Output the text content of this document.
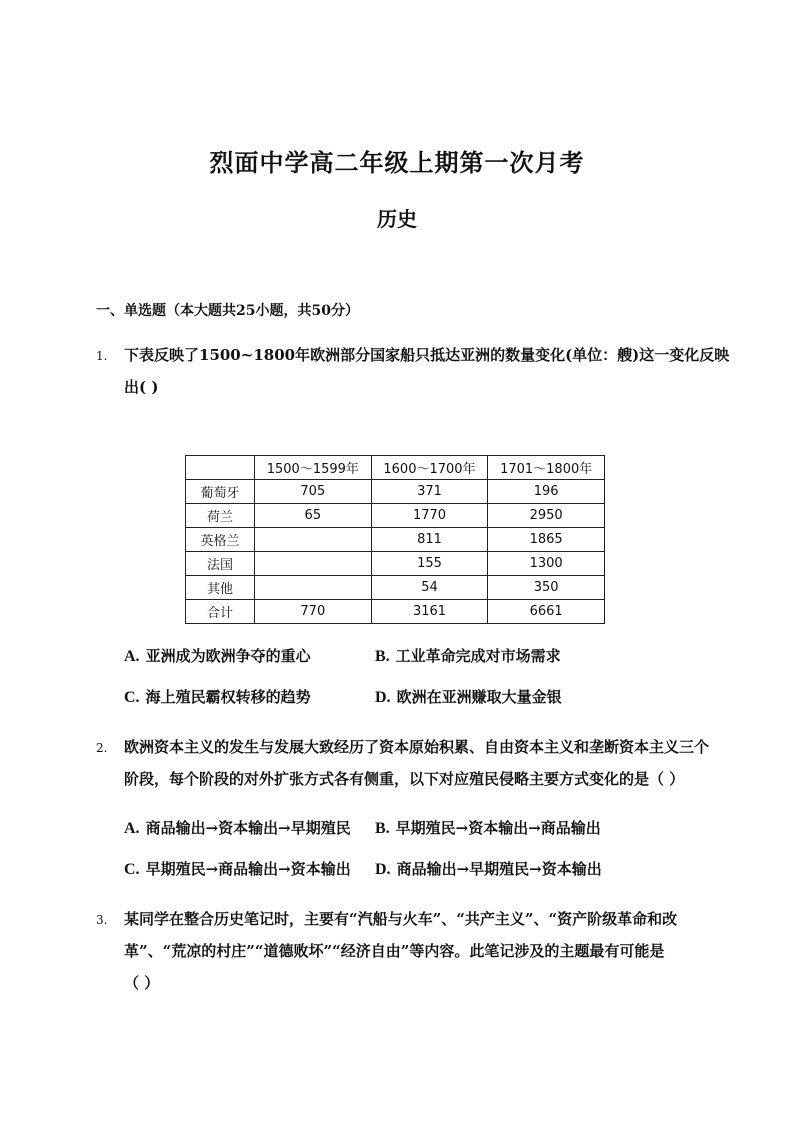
烈面中学高二年级上期第一次月考
历史
一、单选题（本大题共25小题，共50分）
1. 下表反映了1500~1800年欧洲部分国家船只抵达亚洲的数量变化(单位：艘)这一变化反映
出( )
	1500～1599年	1600～1700年	1701～1800年
葡萄牙	705	371	196
荷兰	65	1770	2950
英格兰		811	1865
法国		155	1300
其他		54	350
合计	770	3161	6661
A. 亚洲成为欧洲争夺的重心	B. 工业革命完成对市场需求
C. 海上殖民霸权转移的趋势	D. 欧洲在亚洲赚取大量金银
2. 欧洲资本主义的发生与发展大致经历了资本原始积累、自由资本主义和垄断资本主义三个
阶段，每个阶段的对外扩张方式各有侧重，以下对应殖民侵略主要方式变化的是（ ）
A. 商品输出→资本输出→早期殖民 B. 早期殖民→资本输出→商品输出
C. 早期殖民→商品输出→资本输出 D. 商品输出→早期殖民→资本输出
3. 某同学在整合历史笔记时，主要有“汽船与火车”、“共产主义”、“资产阶级革命和改
革”、“荒凉的村庄”“道德败坏”“经济自由”等内容。此笔记涉及的主题最有可能是
（ ）
